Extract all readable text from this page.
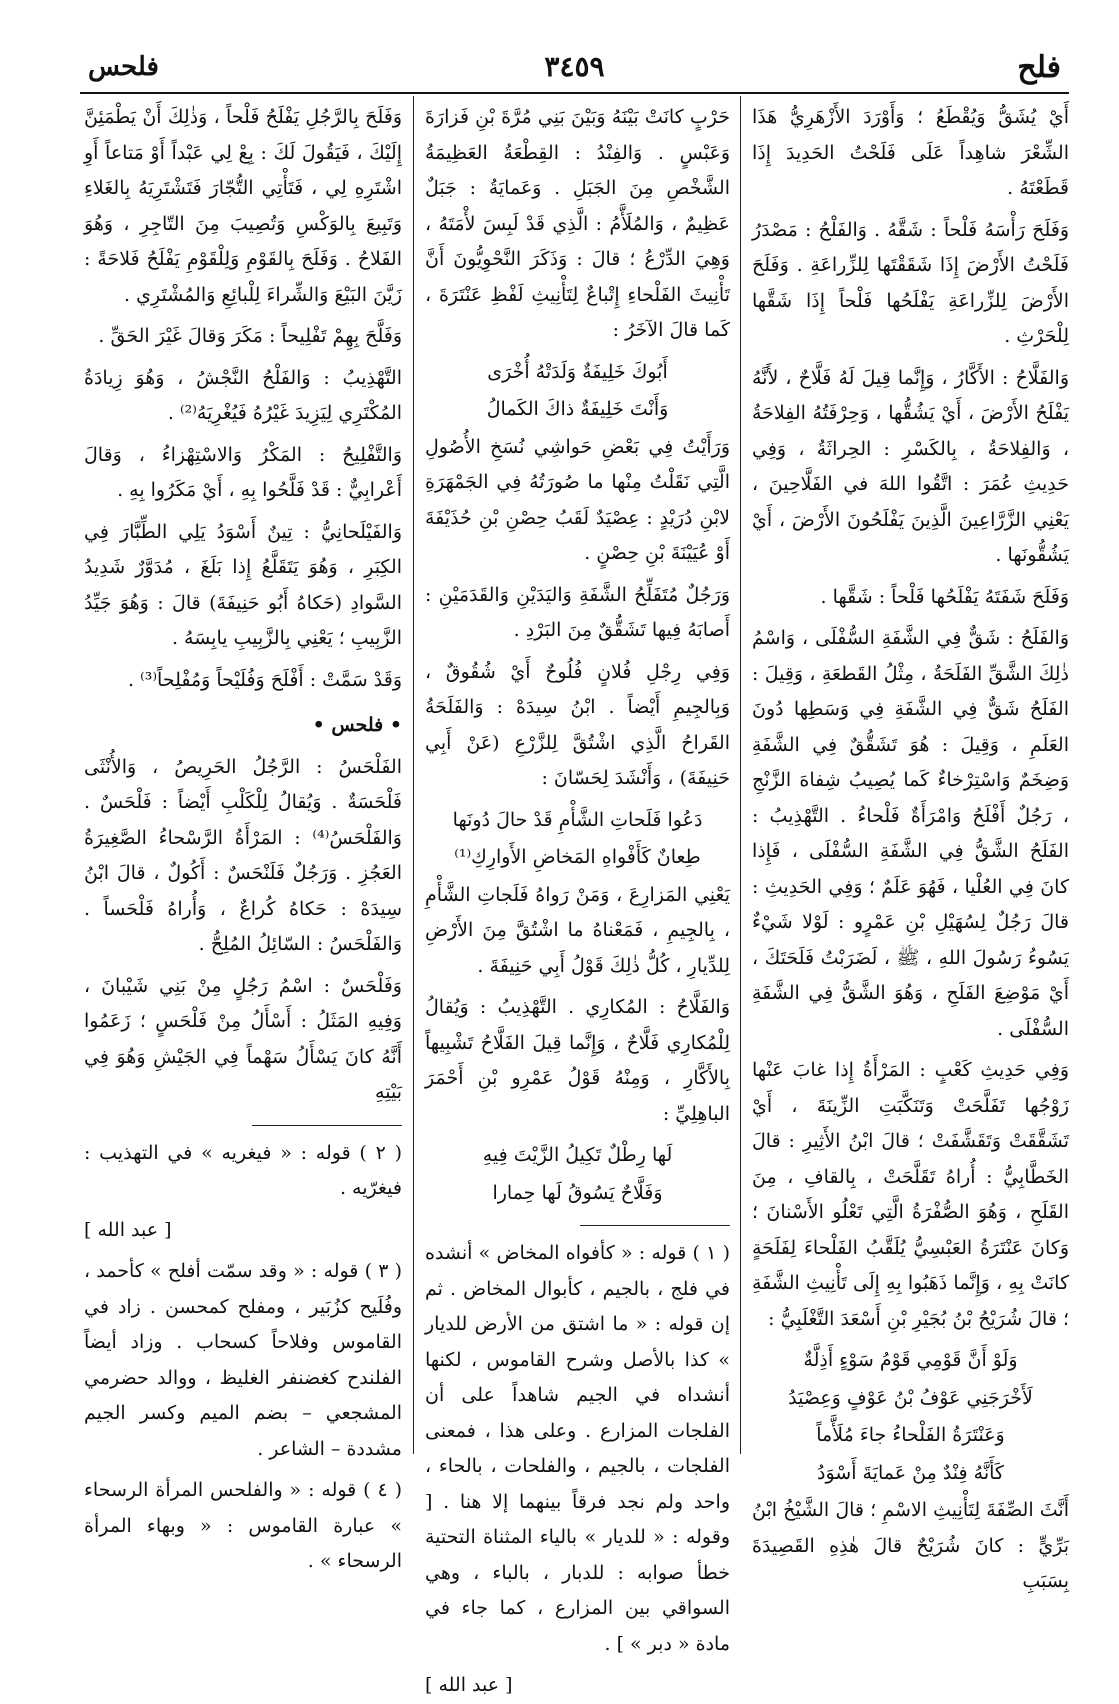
فلح
٣٤٥٩
فلحس

أَيْ يُشَقُّ وَيُقْطَعُ ؛ وَأَوْرَدَ الأَزْهَرِيُّ هَذَا الشِّعْرَ شاهِداً عَلَى فَلَحْتُ الحَدِيدَ إِذَا قَطَعْتَهُ .

وَفَلَحَ رَأْسَهُ فَلْحاً : شَقَّهُ . وَالفَلْحُ : مَصْدَرُ فَلَحْتُ الأَرْضَ إِذَا شَقَقْتَها لِلزِّراعَةِ . وَفَلَحَ الأَرْضَ لِلزِّراعَةِ يَفْلَحُها فَلْحاً إِذَا شَقَّها لِلْحَرْثِ .

وَالفَلَّاحُ : الأَكَّارُ ، وَإِنَّما قِيلَ لَهُ فَلَّاحٌ ، لأَنَّهُ يَفْلَحُ الأَرْضَ ، أَيْ يَشُقُّها ، وَحِرْفَتُهُ الفِلاحَةُ ، وَالفِلاحَةُ ، بِالكَسْرِ : الحِراثَةُ ، وَفِي حَدِيثِ عُمَرَ : اتَّقُوا اللهَ في الفَلَّاحِينَ ، يَعْنِي الزَّرَّاعِينَ الَّذِينَ يَفْلَحُونَ الأَرْضَ ، أَيْ يَشُقُّونَها .

وَفَلَحَ شَفَتَهُ يَفْلَحُها فَلْحاً : شَقَّها .

وَالفَلَحُ : شَقٌّ فِي الشَّفَةِ السُّفْلَى ، وَاسْمُ ذٰلِكَ الشَّقِّ الفَلَحَةُ ، مِثْلُ القَطعَةِ ، وَقِيلَ : الفَلَحُ شَقٌّ فِي الشَّفَةِ فِي وَسَطِها دُونَ العَلَمِ ، وَقِيلَ : هُوَ تَشَقُّقٌ فِي الشَّفَةِ وَضِخَمٌ وَاسْتِرْخاءٌ كَما يُصِيبُ شِفاهَ الزَّنْجِ ، رَجُلٌ أَفْلَحُ وَامْرَأَةٌ فَلْحاءُ . التَّهْذِيبُ : الفَلَحُ الشَّقُّ فِي الشَّفَةِ السُّفْلَى ، فَإِذا كانَ فِي العُلْيا ، فَهُوَ عَلَمٌ ؛ وَفِي الحَدِيثِ : قالَ رَجُلٌ لِسُهَيْلِ بْنِ عَمْرٍو : لَوْلا شَيْءٌ يَسُوءُ رَسُولَ اللهِ ، ﷺ ، لَضَرَبْتُ فَلَحَتَكَ ، أَيْ مَوْضِعَ الفَلَحِ ، وَهُوَ الشَّقُّ فِي الشَّفَةِ السُّفْلَى .

وَفِي حَدِيثِ كَعْبٍ : المَرْأَةُ إِذا غابَ عَنْها زَوْجُها تَفَلَّحَتْ وَتَنَكَّبَتِ الزِّينَةَ ، أَيْ تَشَقَّقَتْ وَتَقَشَّفَتْ ؛ قالَ ابْنُ الأَثِيرِ : قالَ الخَطَّابِيُّ : أُراهُ تَقَلَّحَتْ ، بِالقافِ ، مِنَ القَلَحِ ، وَهُوَ الصُّفْرَةُ الَّتِي تَعْلُو الأَسْنانَ ؛ وَكانَ عَنْتَرَةُ العَبْسِيُّ يُلَقَّبُ الفَلْحاءَ لِفَلَحَةٍ كانَتْ بِهِ ، وَإِنَّما ذَهَبُوا بِهِ إِلَى تَأْنِيثِ الشَّفَةِ ؛ قالَ شُرَيْحُ بْنُ بُجَيْرِ بْنِ أَسْعَدَ التَّغْلَبِيُّ :

وَلَوْ أَنَّ قَوْمِي قَوْمُ سَوْءٍ أَذِلَّةٌ

لَأَخْرَجَنِي عَوْفُ بْنُ عَوْفٍ وَعِصْيَدُ

وَعَنْتَرَةُ الفَلْحاءُ جاءَ مُلَأَّماً

كَأَنَّهُ فِنْدٌ مِنْ عَمايَةَ أَسْوَدُ

أَنَّثَ الصِّفَةَ لِتَأْنِيثِ الاسْمِ ؛ قالَ الشَّيْخُ ابْنُ بَرِّيٍّ : كانَ شُرَيْحٌ قالَ هٰذِهِ القَصِيدَةَ بِسَبَبِ

حَرْبٍ كانَتْ بَيْنَهُ وَبَيْنَ بَنِي مُرَّةَ بْنِ فَزارَةَ وَعَبْسٍ . وَالفِنْدُ : القِطْعَةُ العَظِيمَةُ الشَّخْصِ مِنَ الجَبَلِ . وَعَمايَةُ : جَبَلٌ عَظِيمٌ ، وَالمُلَأَّمُ : الَّذِي قَدْ لَبِسَ لأْمَتَهُ ، وَهِيَ الدِّرْعُ ؛ قالَ : وَذَكَرَ النَّحْوِيُّونَ أَنَّ تَأْنِيثَ الفَلْحاءِ إِتْباعٌ لِتَأْنِيثِ لَفْظِ عَنْتَرَةَ ، كَما قالَ الآخَرُ :

أَبُوكَ خَلِيفَةٌ وَلَدَتْهُ أُخْرَى

وَأَنْتَ خَلِيفَةٌ ذاكَ الكَمالُ

وَرَأَيْتُ فِي بَعْضِ حَواشِي نُسَخِ الأُصُولِ الَّتِي نَقَلْتُ مِنْها ما صُورَتُهُ فِي الجَمْهَرَةِ لابْنِ دُرَيْدٍ : عِصْيَدٌ لَقَبُ حِصْنِ بْنِ حُذَيْفَةَ أَوْ عُيَيْنَةَ بْنِ حِصْنٍ .

وَرَجُلٌ مُتَفَلِّحُ الشَّفَةِ وَاليَدَيْنِ وَالقَدَمَيْنِ : أَصابَهُ فِيها تَشَقُّقٌ مِنَ البَرْدِ .

وَفِي رِجْلِ فُلانٍ فُلُوحٌ أَيْ شُقُوقٌ ، وَبِالجِيمِ أَيْضاً . ابْنُ سِيدَهْ : وَالفَلَحَةُ القَراحُ الَّذِي اشْتُقَّ لِلزَّرْعِ (عَنْ أَبِي حَنِيفَةَ) ، وَأَنْشَدَ لِحَسّانَ :

دَعُوا فَلَحاتِ الشَّأْمِ قَدْ حالَ دُونَها

طِعانٌ كَأَفْواهِ المَخاضِ الأَوارِكِ⁽¹⁾

يَعْنِي المَزارِعَ ، وَمَنْ رَواهُ فَلَجاتِ الشَّأْمِ ، بِالجِيمِ ، فَمَعْناهُ ما اشْتُقَّ مِنَ الأَرْضِ لِلدِّيارِ ، كُلُّ ذٰلِكَ قَوْلُ أَبِي حَنِيفَةَ .

وَالفَلَّاحُ : المُكارِي . التَّهْذِيبُ : وَيُقالُ لِلْمُكارِي فَلَّاحٌ ، وَإِنَّما قِيلَ الفَلَّاحُ تَشْبِيهاً بِالأَكَّارِ ، وَمِنْهُ قَوْلُ عَمْرِو بْنِ أَحْمَرَ الباهِلِيِّ :

لَها رِطْلٌ تَكِيلُ الزَّيْتَ فِيهِ

وَفَلَّاحٌ يَسُوقُ لَها حِمارا

( ١ ) قوله : « كأفواه المخاض » أنشده في فلج ، بالجيم ، كأبوال المخاض . ثم إن قوله : « ما اشتق من الأرض للديار » كذا بالأصل وشرح القاموس ، لكنها أنشداه في الجيم شاهداً على أن الفلجات المزارع . وعلى هذا ، فمعنى الفلجات ، بالجيم ، والفلحات ، بالحاء ، واحد ولم نجد فرقاً بينهما إلا هنا . [ وقوله : « للديار » بالياء المثناة التحتية خطأ صوابه : للدبار ، بالباء ، وهي السواقي بين المزارع ، كما جاء في مادة « دبر » ] .

[ عبد الله ]

وَفَلَحَ بِالرَّجُلِ يَفْلَحُ فَلْحاً ، وَذٰلِكَ أَنْ يَطْمَئِنَّ إِلَيْكَ ، فَيَقُولَ لَكَ : بِعْ لِي عَبْداً أَوْ مَتاعاً أَوِ اشْتَرِهِ لِي ، فَتَأْتِي التُّجّارَ فَتَشْتَرِيَهُ بِالغَلاءِ وَتَبِيعَ بِالوَكْسِ وَتُصِيبَ مِنَ التّاجِرِ ، وَهُوَ الفَلاحُ . وَفَلَحَ بِالقَوْمِ وَلِلْقَوْمِ يَفْلَحُ فَلاحَةً : زَيَّنَ البَيْعَ وَالشِّراءَ لِلْبائِعِ وَالمُشْتَرِي .

وَفَلَّحَ بِهِمْ تَفْلِيحاً : مَكَرَ وَقالَ غَيْرَ الحَقِّ .

التَّهْذِيبُ : وَالفَلْحُ النَّجْشُ ، وَهُوَ زِيادَةُ المُكْتَرِي لِيَزِيدَ غَيْرُهُ فَيُغْرِيَهُ⁽²⁾ .

وَالتَّفْلِيحُ : المَكْرُ وَالاسْتِهْزاءُ ، وَقالَ أَعْرابِيٌّ : قَدْ فَلَّحُوا بِهِ ، أَيْ مَكَرُوا بِهِ .

وَالفَيْلَحانِيُّ : تِينٌ أَسْوَدُ يَلِي الطِّبَّارَ فِي الكِبَرِ ، وَهُوَ يَتَقَلَّعُ إِذا بَلَغَ ، مُدَوَّرٌ شَدِيدُ السَّوادِ (حَكاهُ أَبُو حَنِيفَةَ) قالَ : وَهُوَ جَيِّدُ الزَّبِيبِ ؛ يَعْنِي بِالزَّبِيبِ يابِسَهُ .

وَقَدْ سَمَّتْ : أَفْلَحَ وَفُلَيْحاً وَمُفْلِحاً⁽³⁾ .

• فلحس •

الفَلْحَسُ : الرَّجُلُ الحَرِيصُ ، وَالأُنْثَى فَلْحَسَةٌ . وَيُقالُ لِلْكَلْبِ أَيْضاً : فَلْحَسٌ . وَالفَلْحَسُ⁽⁴⁾ : المَرْأَةُ الرَّسْحاءُ الصَّغِيرَةُ العَجُزِ . وَرَجُلٌ فَلَنْحَسٌ : أَكُولٌ ، قالَ ابْنُ سِيدَهْ : حَكاهُ كُراعٌ ، وَأُراهُ فَلْحَساً . وَالفَلْحَسُ : السّائِلُ المُلِحُّ .

وَفَلْحَسٌ : اسْمُ رَجُلٍ مِنْ بَنِي شَيْبانَ ، وَفِيهِ المَثَلُ : أَسْأَلُ مِنْ فَلْحَسٍ ؛ زَعَمُوا أَنَّهُ كانَ يَسْأَلُ سَهْماً فِي الجَيْشِ وَهُوَ فِي بَيْتِهِ

( ٢ ) قوله : « فيغريه » في التهذيب : فيغرّيه .

[ عبد الله ]

( ٣ ) قوله : « وقد سمّت أفلح » كأحمد ، وفُلَيح كزُبَير ، ومفلح كمحسن . زاد في القاموس وفلاحاً كسحاب . وزاد أيضاً الفلندح كغضنفر الغليظ ، ووالد حضرمي المشجعي – بضم الميم وكسر الجيم مشددة – الشاعر .

( ٤ ) قوله : « والفلحس المرأة الرسحاء » عبارة القاموس : « وبهاء المرأة الرسحاء » .
